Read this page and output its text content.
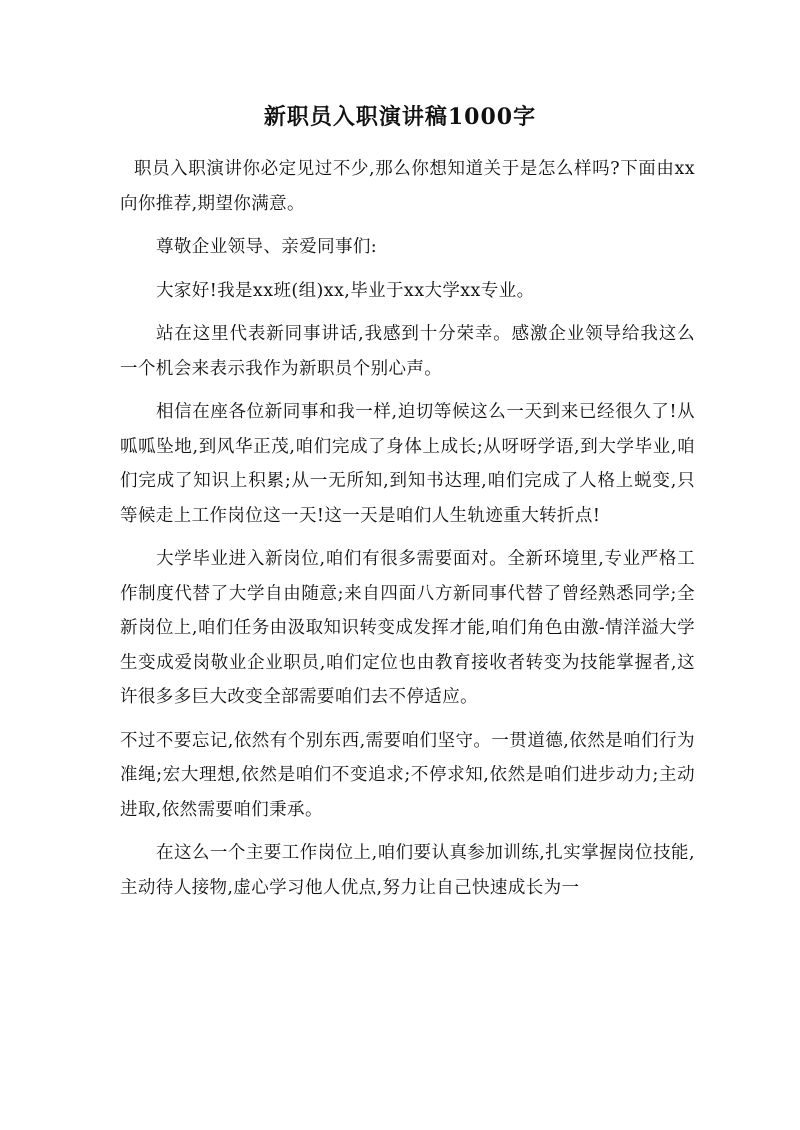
新职员入职演讲稿1000字

职员入职演讲你必定见过不少,那么你想知道关于是怎么样吗?下面由xx向你推荐,期望你满意。

尊敬企业领导、亲爱同事们:

大家好!我是xx班(组)xx,毕业于xx大学xx专业。

站在这里代表新同事讲话,我感到十分荣幸。感激企业领导给我这么一个机会来表示我作为新职员个别心声。

相信在座各位新同事和我一样,迫切等候这么一天到来已经很久了!从呱呱坠地,到风华正茂,咱们完成了身体上成长;从呀呀学语,到大学毕业,咱们完成了知识上积累;从一无所知,到知书达理,咱们完成了人格上蜕变,只等候走上工作岗位这一天!这一天是咱们人生轨迹重大转折点!

大学毕业进入新岗位,咱们有很多需要面对。全新环境里,专业严格工作制度代替了大学自由随意;来自四面八方新同事代替了曾经熟悉同学;全新岗位上,咱们任务由汲取知识转变成发挥才能,咱们角色由激-情洋溢大学生变成爱岗敬业企业职员,咱们定位也由教育接收者转变为技能掌握者,这许很多多巨大改变全部需要咱们去不停适应。

不过不要忘记,依然有个别东西,需要咱们坚守。一贯道德,依然是咱们行为准绳;宏大理想,依然是咱们不变追求;不停求知,依然是咱们进步动力;主动进取,依然需要咱们秉承。

在这么一个主要工作岗位上,咱们要认真参加训练,扎实掌握岗位技能,主动待人接物,虚心学习他人优点,努力让自己快速成长为一
